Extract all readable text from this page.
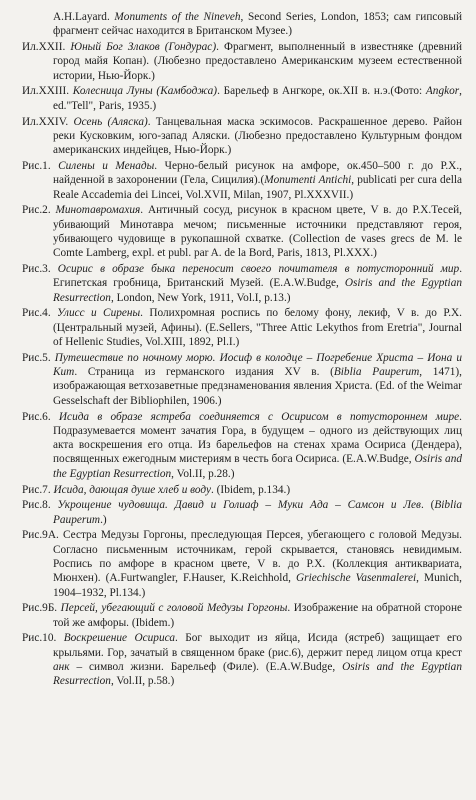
A.H.Layard. Monuments of the Nineveh, Second Series, London, 1853; сам гипсовый фрагмент сейчас находится в Британском Музее.)

Ил.XXII. Юный Бог Злаков (Гондурас). Фрагмент, выполненный в известняке (древний город майя Копан). (Любезно предоставлено Американским музеем естественной истории, Нью-Йорк.)

Ил.XXIII. Колесница Луны (Камбоджа). Барельеф в Ангкоре, ок.XII в. н.э.(Фото: Angkor, ed."Tell", Paris, 1935.)

Ил.XXIV. Осень (Аляска). Танцевальная маска эскимосов. Раскрашенное дерево. Район реки Кусковким, юго-запад Аляски. (Любезно предоставлено Культурным фондом американских индейцев, Нью-Йорк.)

Рис.1. Силены и Менады. Черно-белый рисунок на амфоре, ок.450–500 г. до Р.Х., найденной в захоронении (Гела, Сицилия).(Monumenti Antichi, publicati per cura della Reale Accademia dei Lincei, Vol.XVII, Milan, 1907, Pl.XXXVII.)

Рис.2. Минотавромахия. Античный сосуд, рисунок в красном цвете, V в. до Р.Х.Тесей, убивающий Минотавра мечом; письменные источники представляют героя, убивающего чудовище в рукопашной схватке. (Collection de vases grecs de M. le Comte Lamberg, expl. et publ. par A. de la Bord, Paris, 1813, Pl.XXX.)

Рис.3. Осирис в образе быка переносит своего почитателя в потусторонний мир. Египетская гробница, Британский Музей. (E.A.W.Budge, Osiris and the Egyptian Resurrection, London, New York, 1911, Vol.I, p.13.)

Рис.4. Улисс и Сирены. Полихромная роспись по белому фону, лекиф, V в. до Р.Х. (Центральный музей, Афины). (E.Sellers, "Three Attic Lekythos from Eretria", Journal of Hellenic Studies, Vol.XIII, 1892, Pl.I.)

Рис.5. Путешествие по ночному морю. Иосиф в колодце – Погребение Христа – Иона и Кит. Страница из германского издания XV в. (Biblia Pauperum, 1471), изображающая ветхозаветные предзнаменования явления Христа. (Ed. of the Weimar Gesselschaft der Bibliophilen, 1906.)

Рис.6. Исида в образе ястреба соединяется с Осирисом в потустороннем мире. Подразумевается момент зачатия Гора, в будущем – одного из действующих лиц акта воскрешения его отца. Из барельефов на стенах храма Осириса (Дендера), посвященных ежегодным мистериям в честь бога Осириса. (E.A.W.Budge, Osiris and the Egyptian Resurrection, Vol.II, p.28.)

Рис.7. Исида, дающая душе хлеб и воду. (Ibidem, p.134.)

Рис.8. Укрощение чудовища. Давид и Голиаф – Муки Ада – Самсон и Лев. (Biblia Pauperum.)

Рис.9А. Сестра Медузы Горгоны, преследующая Персея, убегающего с головой Медузы. Согласно письменным источникам, герой скрывается, становясь невидимым. Роспись по амфоре в красном цвете, V в. до Р.Х. (Коллекция антиквариата, Мюнхен). (A.Furtwangler, F.Hauser, K.Reichhold, Griechische Vasenmalerei, Munich, 1904–1932, Pl.134.)

Рис.9Б. Персей, убегающий с головой Медузы Горгоны. Изображение на обратной стороне той же амфоры. (Ibidem.)

Рис.10. Воскрешение Осириса. Бог выходит из яйца, Исида (ястреб) защищает его крыльями. Гор, зачатый в священном браке (рис.6), держит перед лицом отца крест анк – символ жизни. Барельеф (Филе). (E.A.W.Budge, Osiris and the Egyptian Resurrection, Vol.II, p.58.)
